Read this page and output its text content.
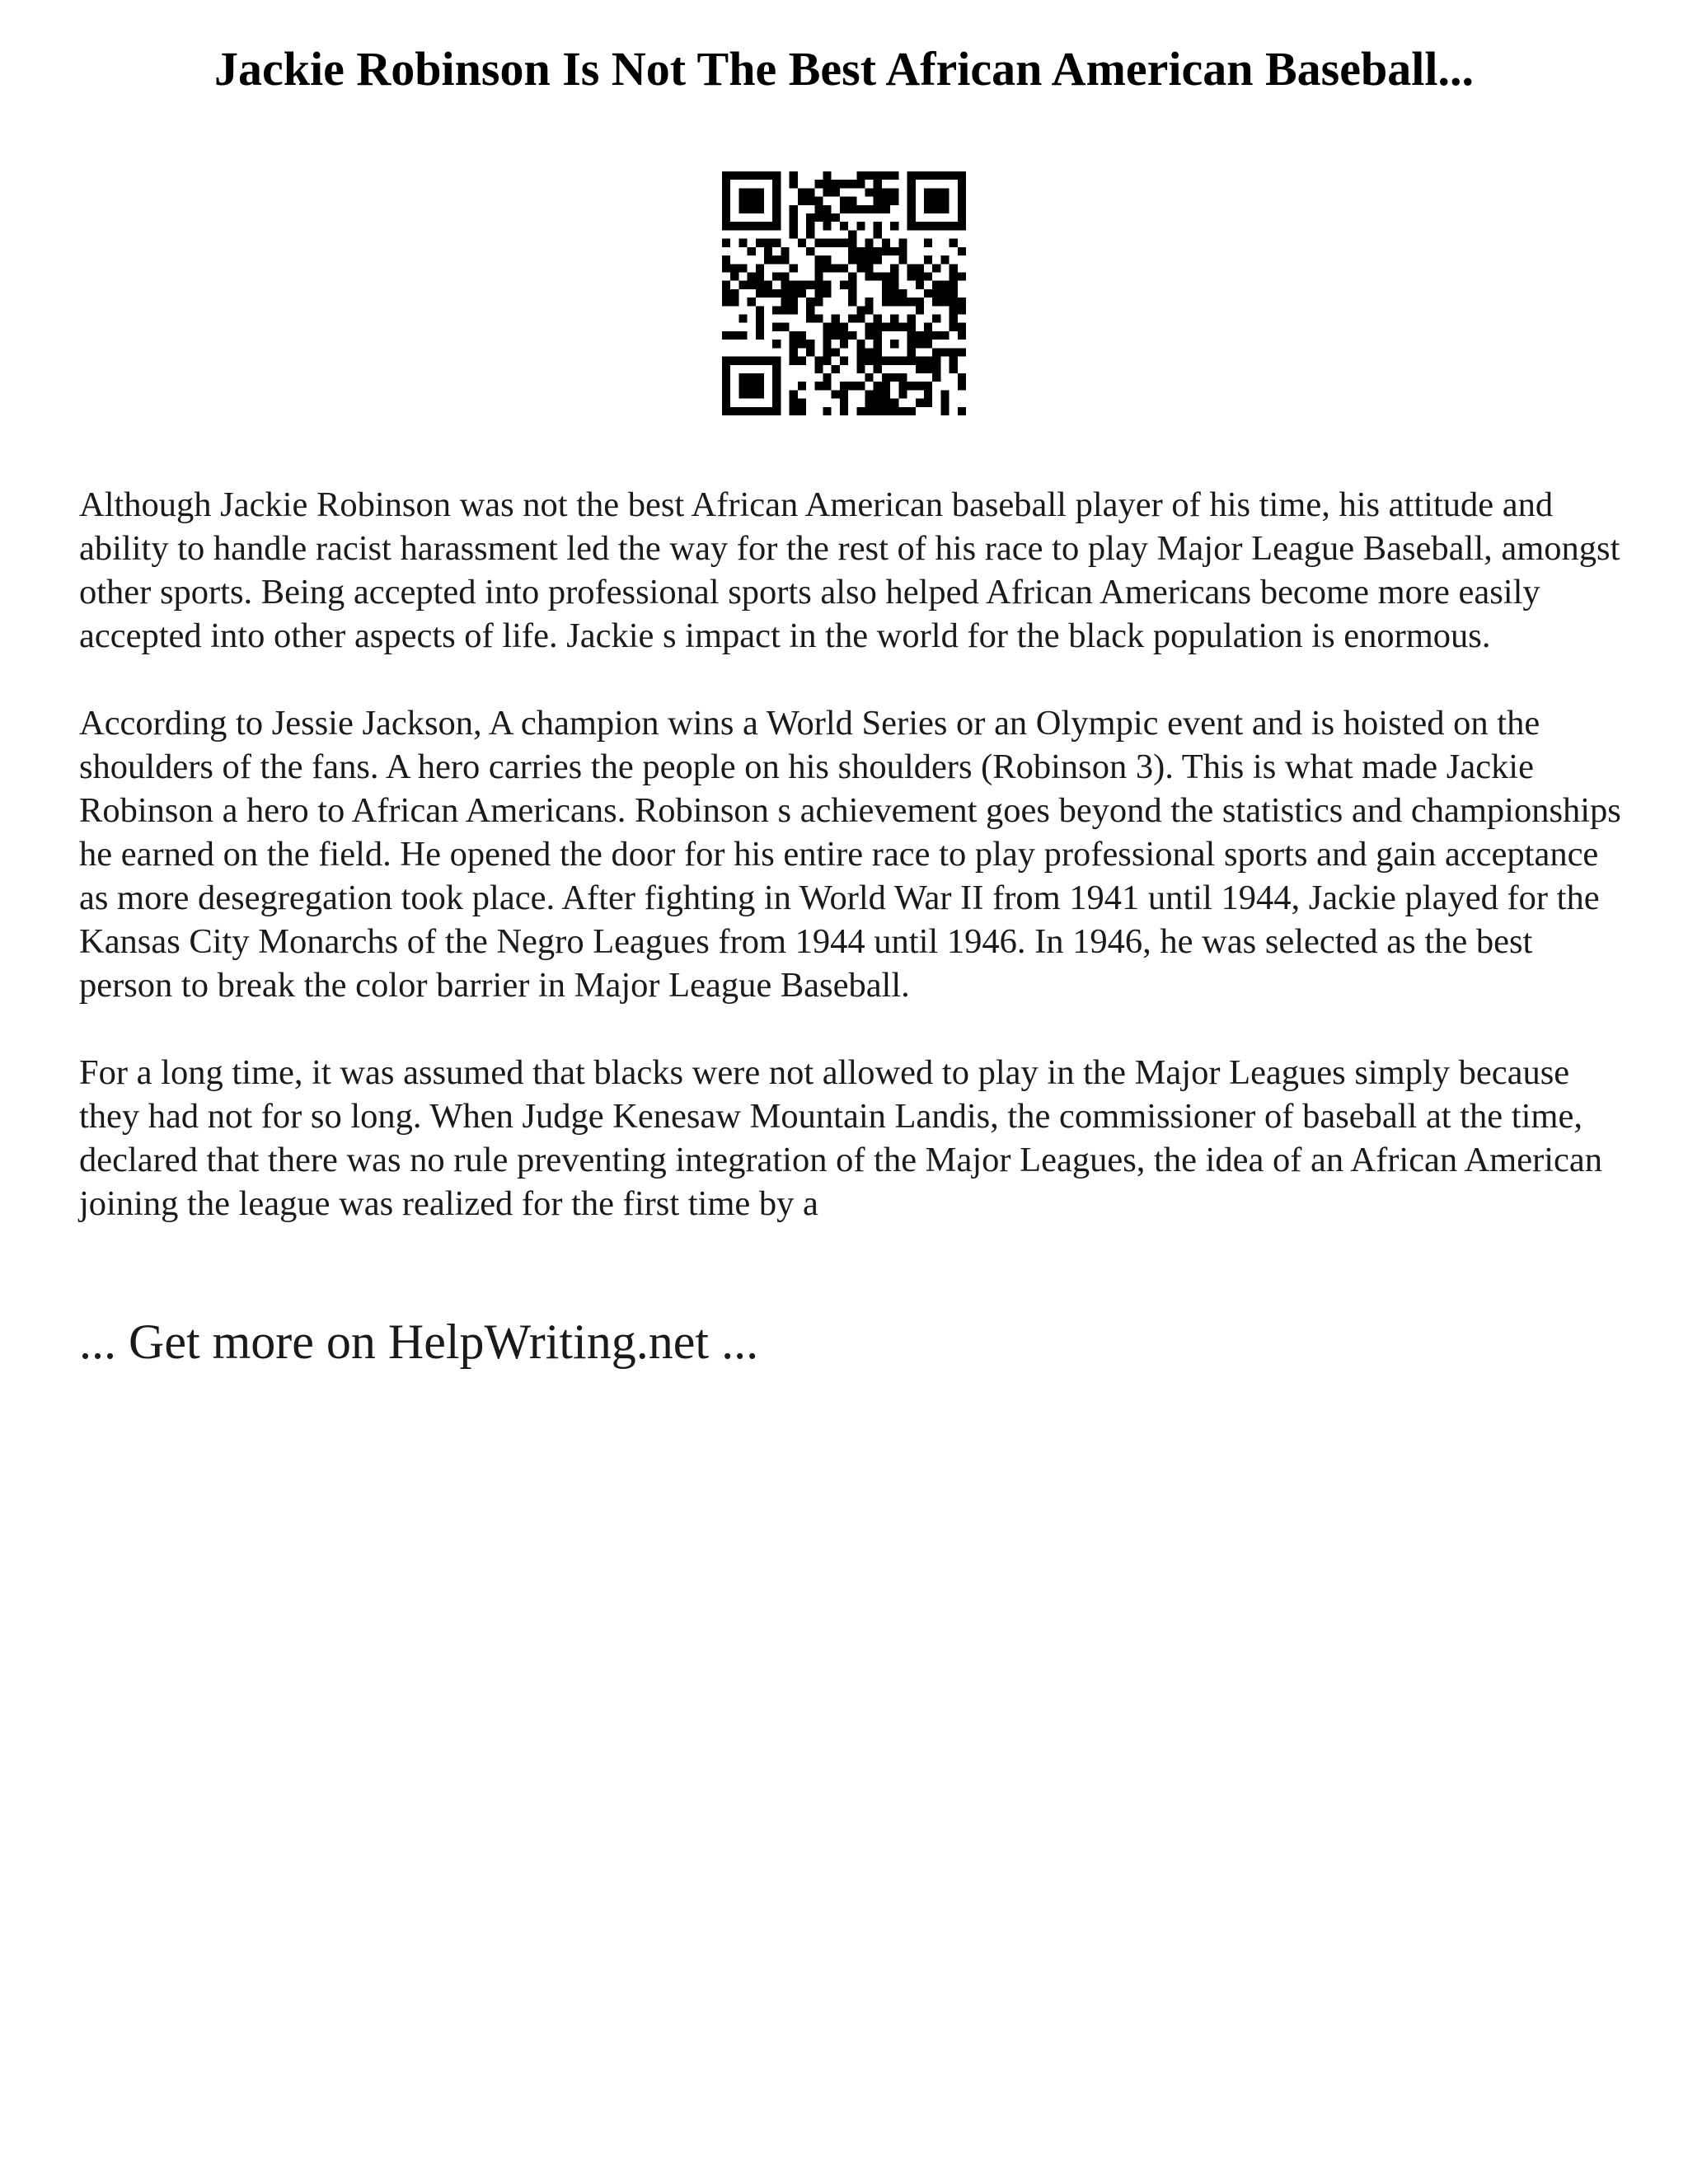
Jackie Robinson Is Not The Best African American Baseball...

Although Jackie Robinson was not the best African American baseball player of his time, his attitude and ability to handle racist harassment led the way for the rest of his race to play Major League Baseball, amongst other sports. Being accepted into professional sports also helped African Americans become more easily accepted into other aspects of life. Jackie s impact in the world for the black population is enormous.

According to Jessie Jackson, A champion wins a World Series or an Olympic event and is hoisted on the shoulders of the fans. A hero carries the people on his shoulders (Robinson 3). This is what made Jackie Robinson a hero to African Americans. Robinson s achievement goes beyond the statistics and championships he earned on the field. He opened the door for his entire race to play professional sports and gain acceptance as more desegregation took place. After fighting in World War II from 1941 until 1944, Jackie played for the Kansas City Monarchs of the Negro Leagues from 1944 until 1946. In 1946, he was selected as the best person to break the color barrier in Major League Baseball.

For a long time, it was assumed that blacks were not allowed to play in the Major Leagues simply because they had not for so long. When Judge Kenesaw Mountain Landis, the commissioner of baseball at the time, declared that there was no rule preventing integration of the Major Leagues, the idea of an African American joining the league was realized for the first time by a

... Get more on HelpWriting.net ...
